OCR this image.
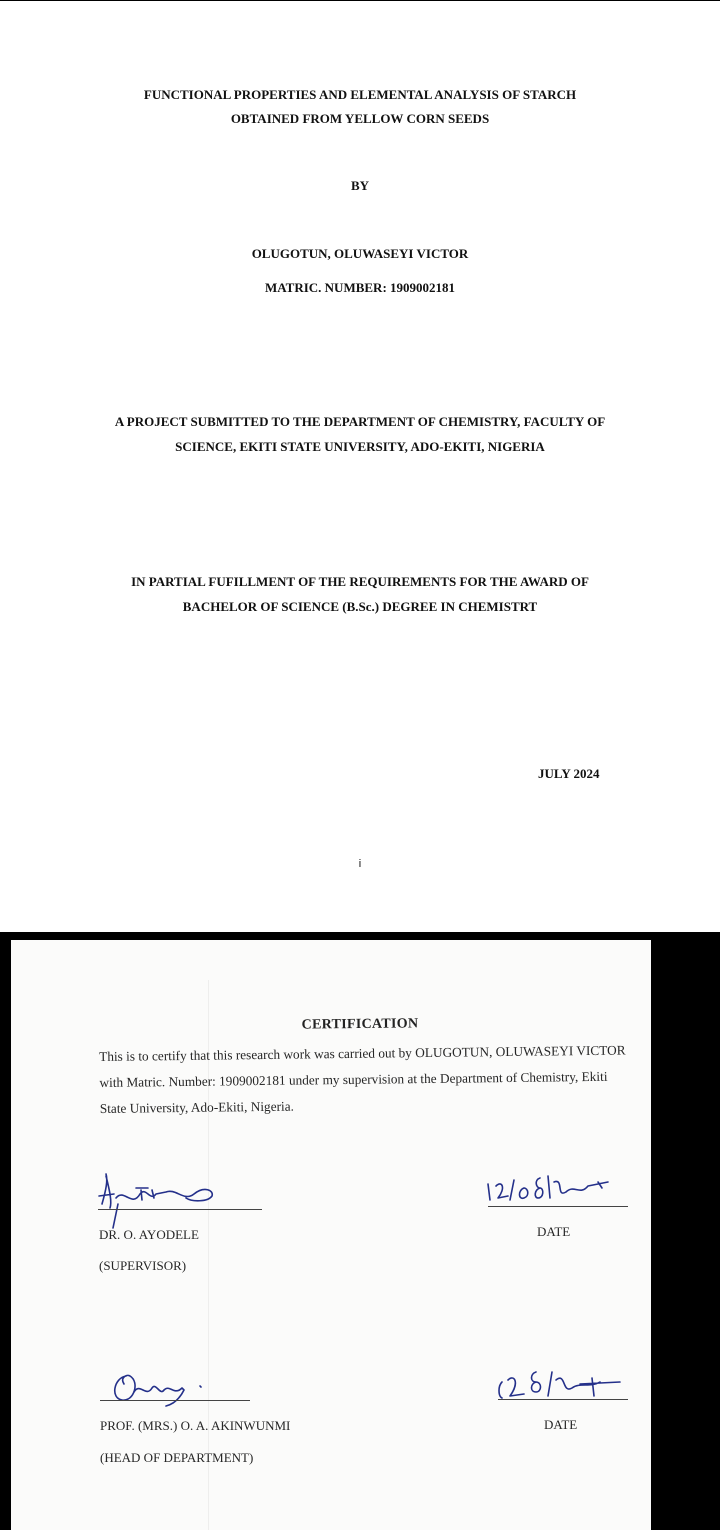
FUNCTIONAL PROPERTIES AND ELEMENTAL ANALYSIS OF STARCH
OBTAINED FROM YELLOW CORN SEEDS
BY
OLUGOTUN, OLUWASEYI VICTOR
MATRIC. NUMBER: 1909002181
A PROJECT SUBMITTED TO THE DEPARTMENT OF CHEMISTRY, FACULTY OF
SCIENCE, EKITI STATE UNIVERSITY, ADO-EKITI, NIGERIA
IN PARTIAL FUFILLMENT OF THE REQUIREMENTS FOR THE AWARD OF
BACHELOR OF SCIENCE (B.Sc.) DEGREE IN CHEMISTRT
JULY 2024
i
CERTIFICATION
This is to certify that this research work was carried out by OLUGOTUN, OLUWASEYI VICTOR
with Matric. Number: 1909002181 under my supervision at the Department of Chemistry, Ekiti
State University, Ado-Ekiti, Nigeria.
DR. O. AYODELE
(SUPERVISOR)
DATE
PROF. (MRS.) O. A. AKINWUNMI
(HEAD OF DEPARTMENT)
DATE
